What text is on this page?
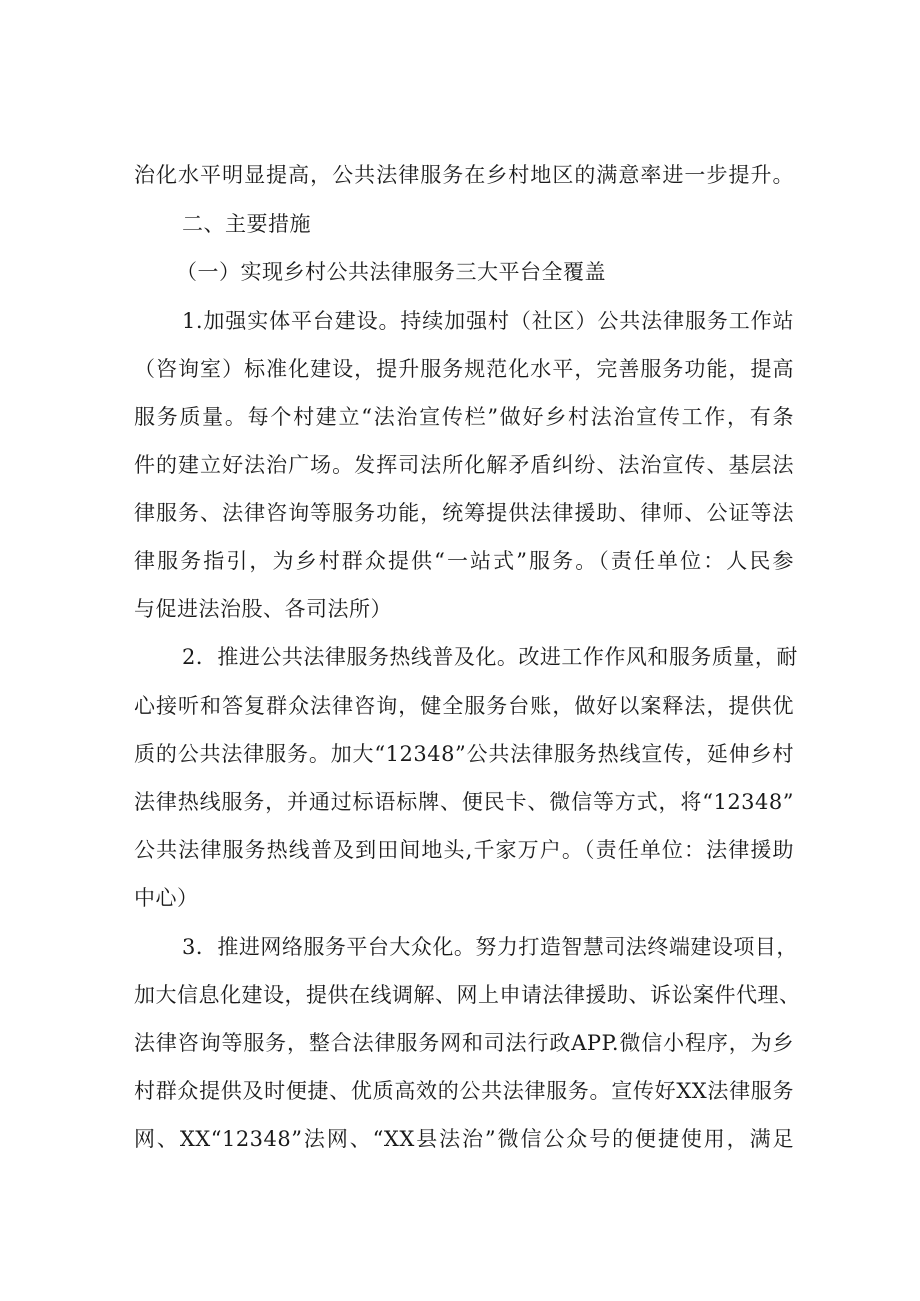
治化水平明显提高，公共法律服务在乡村地区的满意率进一步提升。
二、主要措施
（一）实现乡村公共法律服务三大平台全覆盖
1.加强实体平台建设。持续加强村（社区）公共法律服务工作站
（咨询室）标准化建设，提升服务规范化水平，完善服务功能，提高
服务质量。每个村建立“法治宣传栏”做好乡村法治宣传工作，有条
件的建立好法治广场。发挥司法所化解矛盾纠纷、法治宣传、基层法
律服务、法律咨询等服务功能，统筹提供法律援助、律师、公证等法
律服务指引，为乡村群众提供“一站式”服务。（责任单位：人民参
与促进法治股、各司法所）
2．推进公共法律服务热线普及化。改进工作作风和服务质量，耐
心接听和答复群众法律咨询，健全服务台账，做好以案释法，提供优
质的公共法律服务。加大“12348”公共法律服务热线宣传，延伸乡村
法律热线服务，并通过标语标牌、便民卡、微信等方式，将“12348”
公共法律服务热线普及到田间地头,千家万户。（责任单位：法律援助
中心）
3．推进网络服务平台大众化。努力打造智慧司法终端建设项目，
加大信息化建设，提供在线调解、网上申请法律援助、诉讼案件代理、
法律咨询等服务，整合法律服务网和司法行政APP.微信小程序，为乡
村群众提供及时便捷、优质高效的公共法律服务。宣传好XX法律服务
网、XX“12348”法网、“XX县法治”微信公众号的便捷使用，满足
